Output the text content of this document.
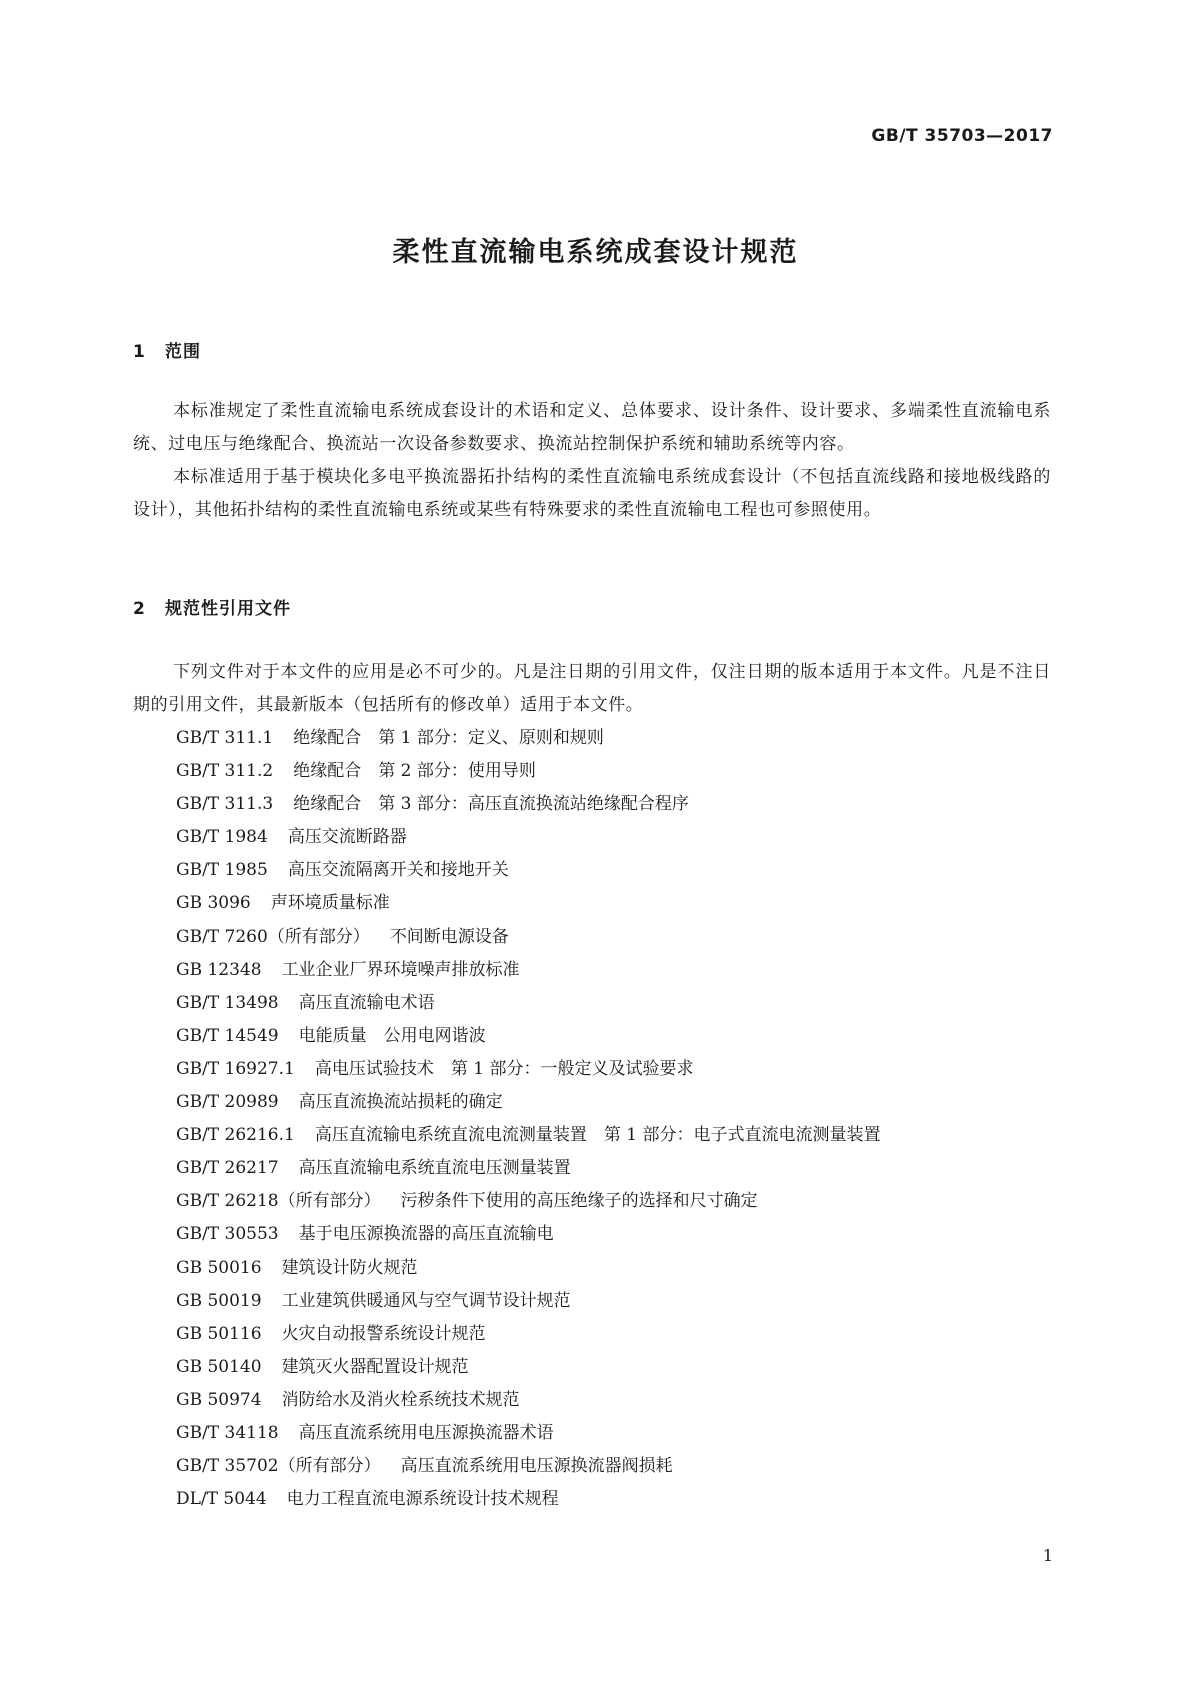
GB/T 35703—2017
柔性直流输电系统成套设计规范
1 范围

本标准规定了柔性直流输电系统成套设计的术语和定义、总体要求、设计条件、设计要求、多端柔性直流输电系统、过电压与绝缘配合、换流站一次设备参数要求、换流站控制保护系统和辅助系统等内容。

本标准适用于基于模块化多电平换流器拓扑结构的柔性直流输电系统成套设计（不包括直流线路和接地极线路的设计），其他拓扑结构的柔性直流输电系统或某些有特殊要求的柔性直流输电工程也可参照使用。

2 规范性引用文件

下列文件对于本文件的应用是必不可少的。凡是注日期的引用文件，仅注日期的版本适用于本文件。凡是不注日期的引用文件，其最新版本（包括所有的修改单）适用于本文件。

GB/T 311.1 绝缘配合　第 1 部分：定义、原则和规则
GB/T 311.2 绝缘配合　第 2 部分：使用导则
GB/T 311.3 绝缘配合　第 3 部分：高压直流换流站绝缘配合程序
GB/T 1984 高压交流断路器
GB/T 1985 高压交流隔离开关和接地开关
GB 3096 声环境质量标准
GB/T 7260（所有部分） 不间断电源设备
GB 12348 工业企业厂界环境噪声排放标准
GB/T 13498 高压直流输电术语
GB/T 14549 电能质量　公用电网谐波
GB/T 16927.1 高电压试验技术　第 1 部分：一般定义及试验要求
GB/T 20989 高压直流换流站损耗的确定
GB/T 26216.1 高压直流输电系统直流电流测量装置　第 1 部分：电子式直流电流测量装置
GB/T 26217 高压直流输电系统直流电压测量装置
GB/T 26218（所有部分） 污秽条件下使用的高压绝缘子的选择和尺寸确定
GB/T 30553 基于电压源换流器的高压直流输电
GB 50016 建筑设计防火规范
GB 50019 工业建筑供暖通风与空气调节设计规范
GB 50116 火灾自动报警系统设计规范
GB 50140 建筑灭火器配置设计规范
GB 50974 消防给水及消火栓系统技术规范
GB/T 34118 高压直流系统用电压源换流器术语
GB/T 35702（所有部分） 高压直流系统用电压源换流器阀损耗
DL/T 5044 电力工程直流电源系统设计技术规程
1
